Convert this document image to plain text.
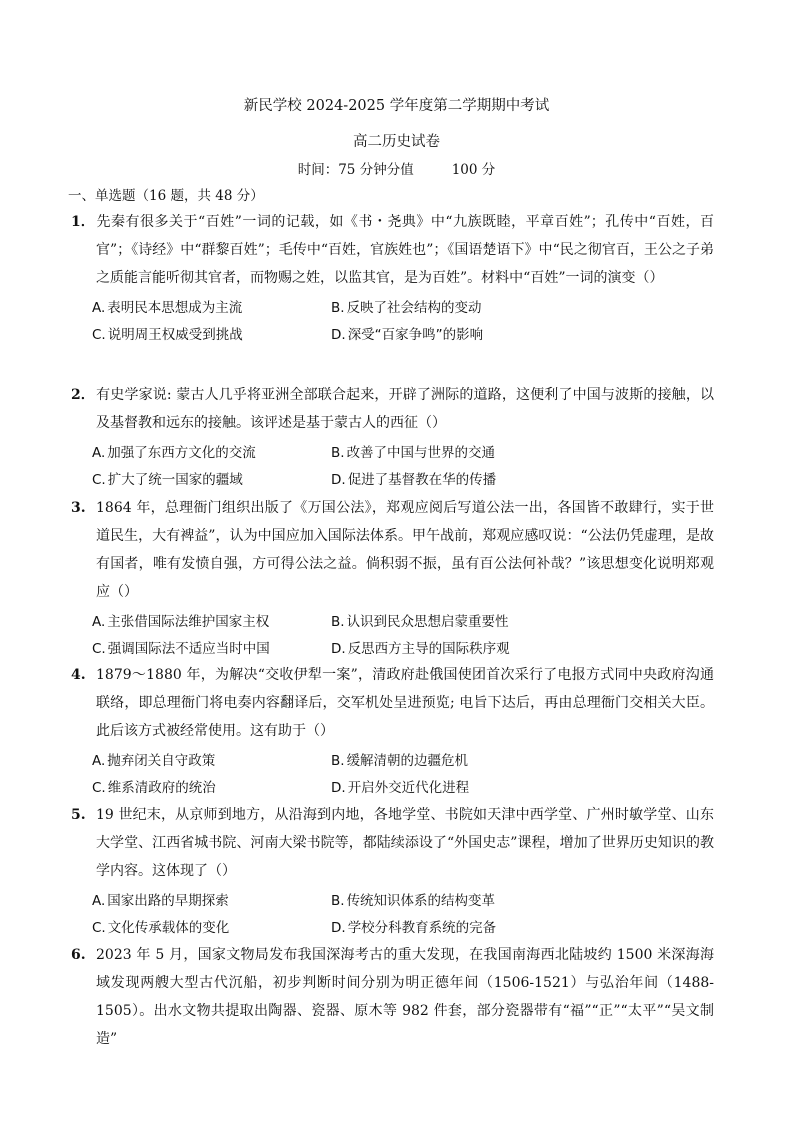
新民学校 2024-2025 学年度第二学期期中考试
高二历史试卷
时间：75 分钟分值	100 分

一、单选题（16 题，共 48 分）

1．先秦有很多关于“百姓”一词的记载，如《书・尧典》中“九族既睦，平章百姓”；孔传中“百姓，百官”；《诗经》中“群黎百姓”；毛传中“百姓，官族姓也”；《国语楚语下》中“民之彻官百，王公之子弟之质能言能听彻其官者，而物赐之姓，以监其官，是为百姓”。材料中“百姓”一词的演变（）

A. 表明民本思想成为主流	B. 反映了社会结构的变动
C. 说明周王权威受到挑战	D. 深受“百家争鸣”的影响

2．有史学家说: 蒙古人几乎将亚洲全部联合起来，开辟了洲际的道路，这便利了中国与波斯的接触，以及基督教和远东的接触。该评述是基于蒙古人的西征（）

A. 加强了东西方文化的交流	B. 改善了中国与世界的交通
C. 扩大了统一国家的疆域	D. 促进了基督教在华的传播

3. 1864 年，总理衙门组织出版了《万国公法》，郑观应阅后写道公法一出，各国皆不敢肆行，实于世道民生，大有裨益”，认为中国应加入国际法体系。甲午战前，郑观应感叹说：“公法仍凭虚理，是故有国者，唯有发愤自强，方可得公法之益。倘积弱不振，虽有百公法何补哉？”该思想变化说明郑观应（）

A. 主张借国际法维护国家主权	B. 认识到民众思想启蒙重要性
C. 强调国际法不适应当时中国	D. 反思西方主导的国际秩序观

4. 1879～1880 年，为解决“交收伊犁一案”，清政府赴俄国使团首次采行了电报方式同中央政府沟通联络，即总理衙门将电奏内容翻译后，交军机处呈进预览; 电旨下达后，再由总理衙门交相关大臣。此后该方式被经常使用。这有助于（）

A. 抛弃闭关自守政策	B. 缓解清朝的边疆危机
C. 维系清政府的统治	D. 开启外交近代化进程

5. 19 世纪末，从京师到地方，从沿海到内地，各地学堂、书院如天津中西学堂、广州时敏学堂、山东大学堂、江西省城书院、河南大梁书院等，都陆续添设了“外国史志”课程，增加了世界历史知识的教学内容。这体现了（）

A. 国家出路的早期探索	B. 传统知识体系的结构变革
C. 文化传承载体的变化	D. 学校分科教育系统的完备

6. 2023 年 5 月，国家文物局发布我国深海考古的重大发现，在我国南海西北陆坡约 1500 米深海海域发现两艘大型古代沉船，初步判断时间分别为明正德年间（1506-1521）与弘治年间（1488-1505）。出水文物共提取出陶器、瓷器、原木等 982 件套，部分瓷器带有“福”“正”“太平”“吴文制造”
